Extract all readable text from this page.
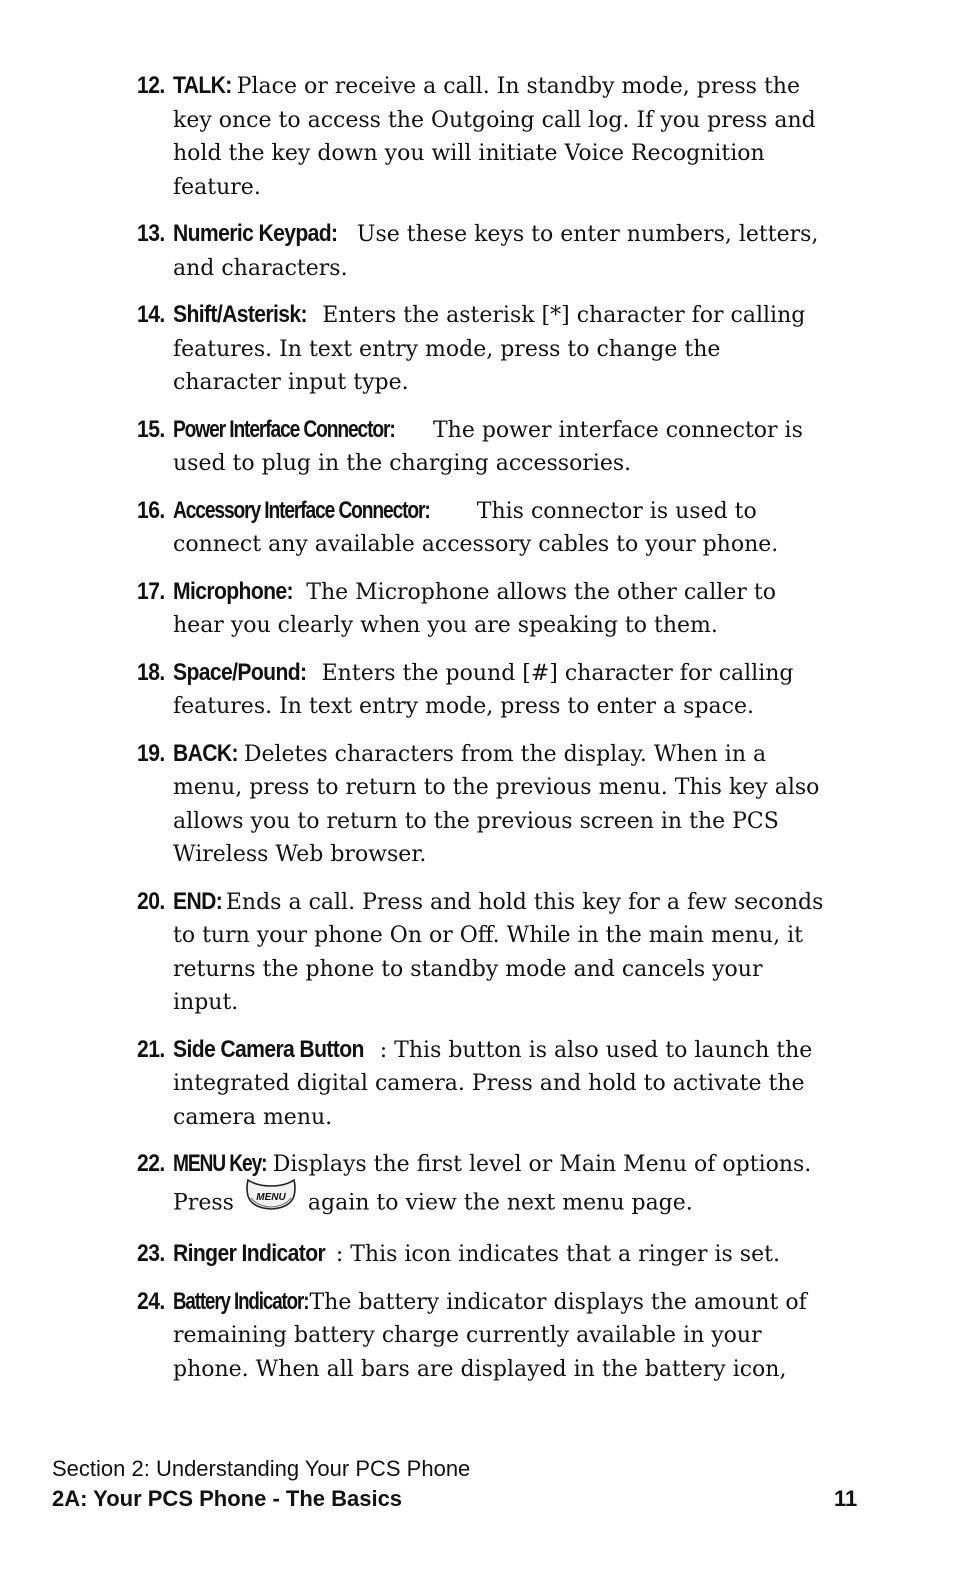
12. TALK: Place or receive a call. In standby mode, press the key once to access the Outgoing call log. If you press and hold the key down you will initiate Voice Recognition feature.
13. Numeric Keypad: Use these keys to enter numbers, letters, and characters.
14. Shift/Asterisk: Enters the asterisk [*] character for calling features. In text entry mode, press to change the character input type.
15. Power Interface Connector: The power interface connector is used to plug in the charging accessories.
16. Accessory Interface Connector: This connector is used to connect any available accessory cables to your phone.
17. Microphone: The Microphone allows the other caller to hear you clearly when you are speaking to them.
18. Space/Pound: Enters the pound [#] character for calling features. In text entry mode, press to enter a space.
19. BACK: Deletes characters from the display. When in a menu, press to return to the previous menu. This key also allows you to return to the previous screen in the PCS Wireless Web browser.
20. END: Ends a call. Press and hold this key for a few seconds to turn your phone On or Off. While in the main menu, it returns the phone to standby mode and cancels your input.
21. Side Camera Button : This button is also used to launch the integrated digital camera. Press and hold to activate the camera menu.
22. MENU Key: Displays the first level or Main Menu of options. Press MENU again to view the next menu page.
23. Ringer Indicator : This icon indicates that a ringer is set.
24. Battery Indicator: The battery indicator displays the amount of remaining battery charge currently available in your phone. When all bars are displayed in the battery icon,
Section 2: Understanding Your PCS Phone
2A: Your PCS Phone - The Basics	11
